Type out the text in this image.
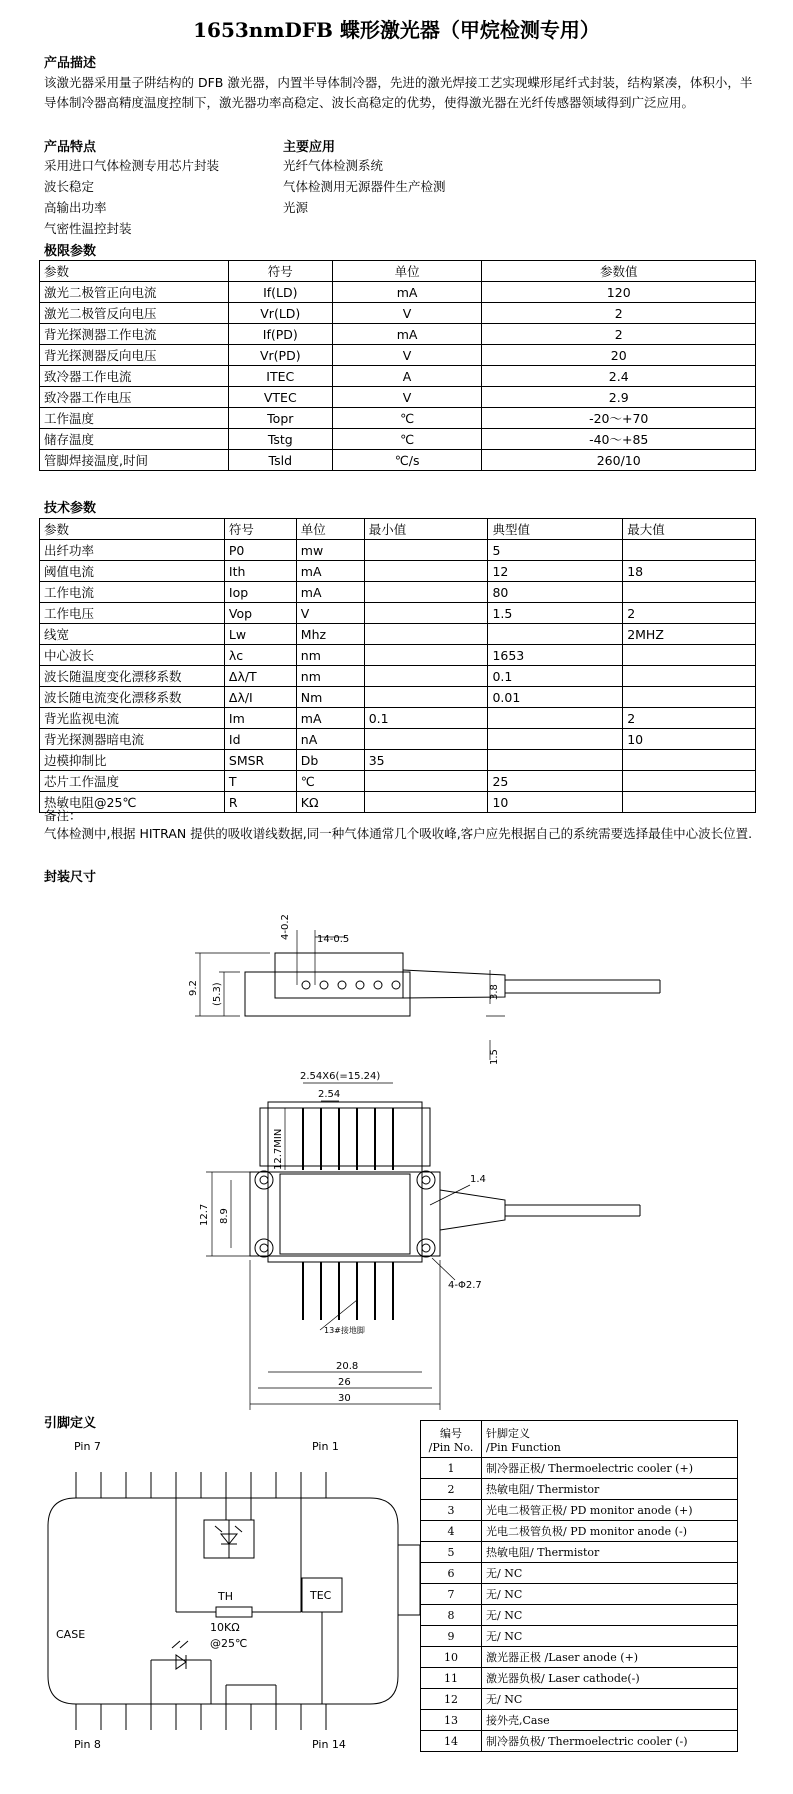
1653nmDFB 蝶形激光器（甲烷检测专用）
产品描述
该激光器采用量子阱结构的 DFB 激光器，内置半导体制冷器，先进的激光焊接工艺实现蝶形尾纤式封装，结构紧凑，体积小，半导体制冷器高精度温度控制下，激光器功率高稳定、波长高稳定的优势，使得激光器在光纤传感器领域得到广泛应用。
产品特点	主要应用
采用进口气体检测专用芯片封装
波长稳定
高输出功率
气密性温控封装
光纤气体检测系统
气体检测用无源器件生产检测
光源
极限参数
参数	符号	单位	参数值
激光二极管正向电流	If(LD)	mA	120
激光二极管反向电压	Vr(LD)	V	2
背光探测器工作电流	If(PD)	mA	2
背光探测器反向电压	Vr(PD)	V	20
致冷器工作电流	ITEC	A	2.4
致冷器工作电压	VTEC	V	2.9
工作温度	Topr	℃	-20～+70
储存温度	Tstg	℃	-40～+85
管脚焊接温度,时间	Tsld	℃/s	260/10
技术参数
参数	符号	单位	最小值	典型值	最大值
出纤功率	P0	mw		5	
阈值电流	Ith	mA		12	18
工作电流	Iop	mA		80	
工作电压	Vop	V		1.5	2
线宽	Lw	Mhz			2MHZ
中心波长	λc	nm		1653	
波长随温度变化漂移系数	Δλ/T	nm		0.1	
波长随电流变化漂移系数	Δλ/I	Nm		0.01	
背光监视电流	Im	mA	0.1		2
背光探测器暗电流	Id	nA			10
边模抑制比	SMSR	Db	35		
芯片工作温度	T	℃		25	
热敏电阻@25℃	R	KΩ		10	
备注：
气体检测中,根据 HITRAN 提供的吸收谱线数据,同一种气体通常几个吸收峰,客户应先根据自己的系统需要选择最佳中心波长位置.
封装尺寸
4-0.2	14-0.5
9.2 (5.3)	3.8
1.5
2.54X6(=15.24)
2.54
12.7MIN
1.4
12.7 8.9
4-Φ2.7
13#接地脚
20.8
26
30
引脚定义
Pin 7	Pin 1
Pin 8	Pin 14
TH
10KΩ
@25℃
TEC
CASE
编号
/Pin No.	针脚定义
/Pin Function
1	制冷器正极/ Thermoelectric cooler (+)
2	热敏电阻/ Thermistor
3	光电二极管正极/ PD monitor anode (+)
4	光电二极管负极/ PD monitor anode (-)
5	热敏电阻/ Thermistor
6	无/ NC
7	无/ NC
8	无/ NC
9	无/ NC
10	激光器正极 /Laser anode (+)
11	激光器负极/ Laser cathode(-)
12	无/ NC
13	接外壳,Case
14	制冷器负极/ Thermoelectric cooler (-)
